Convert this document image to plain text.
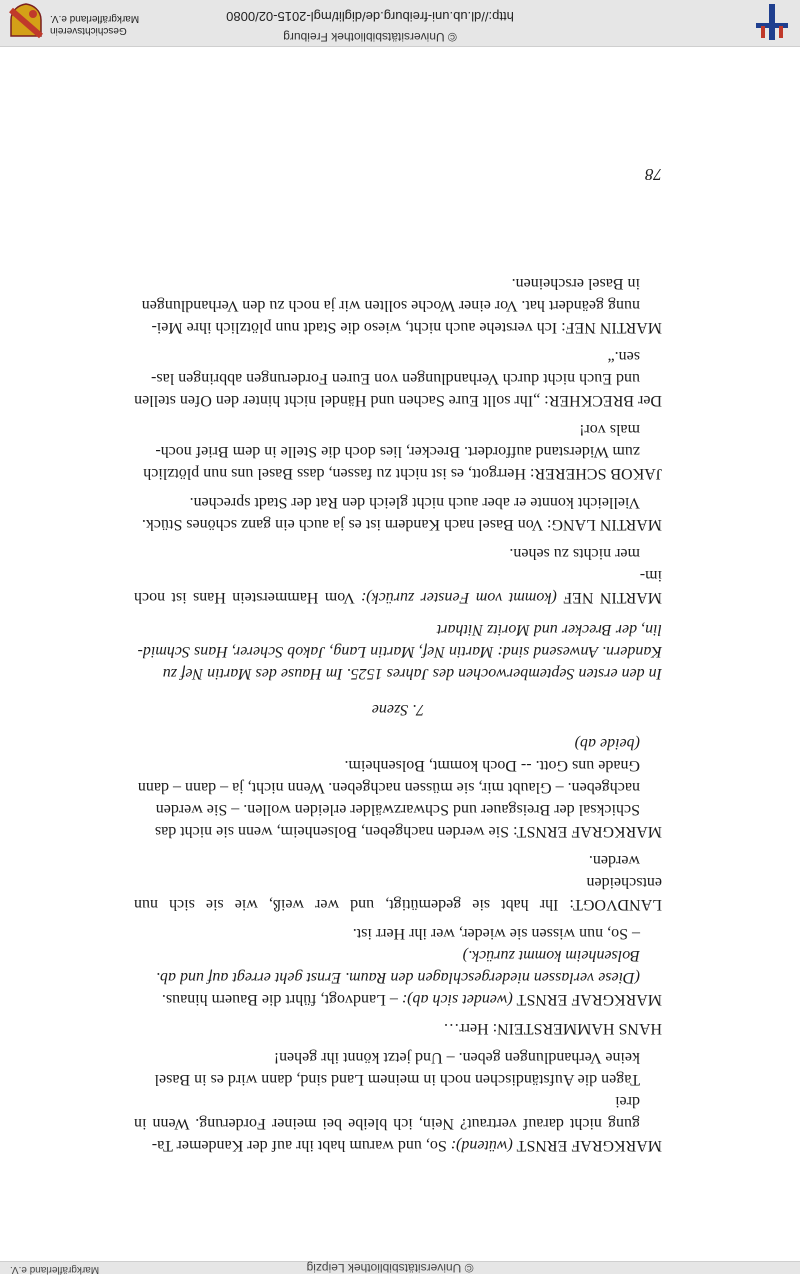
© Universitätsbibliothek Leipzig
Markgräflerland e.V.
MARKGRAF ERNST (wütend): So, und warum habt ihr auf der Kandemer Ta-
gung nicht darauf vertraut? Nein, ich bleibe bei meiner Forderung. Wenn in drei
Tagen die Aufständischen noch in meinem Land sind, dann wird es in Basel
keine Verhandlungen geben. – Und jetzt könnt ihr gehen!
HANS HAMMERSTEIN: Herr…
MARKGRAF ERNST (wendet sich ab): – Landvogt, führt die Bauern hinaus.
(Diese verlassen niedergeschlagen den Raum. Ernst geht erregt auf und ab.
Bolsenheim kommt zurück.)
– So, nun wissen sie wieder, wer ihr Herr ist.
LANDVOGT: Ihr habt sie gedemütigt, und wer weiß, wie sie sich nun entscheiden
werden.
MARKGRAF ERNST: Sie werden nachgeben, Bolsenheim, wenn sie nicht das
Schicksal der Breisgauer und Schwarzwälder erleiden wollen. – Sie werden
nachgeben. – Glaubt mir, sie müssen nachgeben. Wenn nicht, ja – dann – dann
Gnade uns Gott. -- Doch kommt, Bolsenheim.
(beide ab)
7. Szene
In den ersten Septemberwochen des Jahres 1525. Im Hause des Martin Nef zu
Kandern. Anwesend sind: Martin Nef, Martin Lang, Jakob Scherer, Hans Schmid-
lin, der Brecker und Moritz Nithart
MARTIN NEF (kommt vom Fenster zurück): Vom Hammerstein Hans ist noch im-
mer nichts zu sehen.
MARTIN LANG: Von Basel nach Kandern ist es ja auch ein ganz schönes Stück.
Vielleicht konnte er aber auch nicht gleich den Rat der Stadt sprechen.
JAKOB SCHERER: Herrgott, es ist nicht zu fassen, dass Basel uns nun plötzlich
zum Widerstand auffordert. Brecker, lies doch die Stelle in dem Brief noch-
mals vor!
Der BRECKHER: „Ihr sollt Eure Sachen und Händel nicht hinter den Ofen stellen
und Euch nicht durch Verhandlungen von Euren Forderungen abbringen las-
sen.“
MARTIN NEF: Ich verstehe auch nicht, wieso die Stadt nun plötzlich ihre Mei-
nung geändert hat. Vor einer Woche sollten wir ja noch zu den Verhandlungen
in Basel erscheinen.
78
© Universitätsbibliothek Freiburg
http://dl.ub.uni-freiburg.de/diglit/mgl-2015-02/0080
Geschichtsverein Markgräflerland e.V.
